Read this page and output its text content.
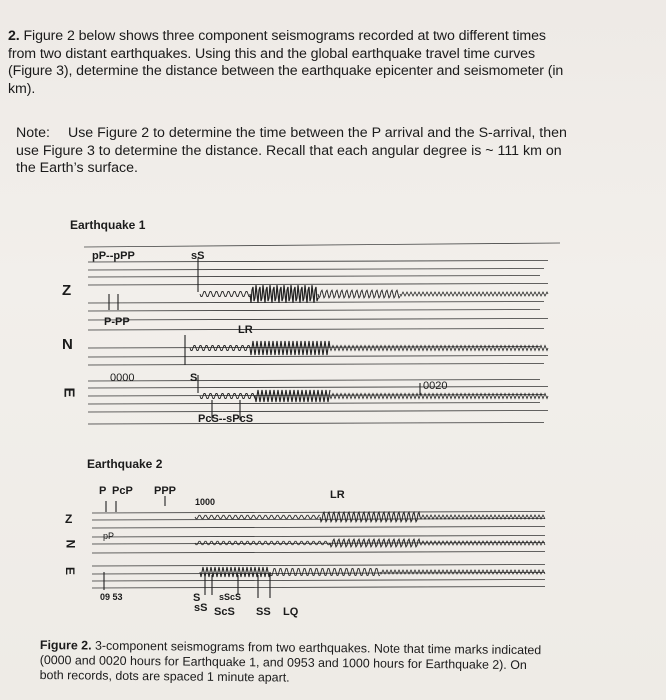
2. Figure 2 below shows three component seismograms recorded at two different times
from two distant earthquakes. Using this and the global earthquake travel time curves
(Figure 3), determine the distance between the earthquake epicenter and seismometer (in
km).
Note: Use Figure 2 to determine the time between the P arrival and the S-arrival, then
use Figure 3 to determine the distance. Recall that each angular degree is ~ 111 km on
the Earth’s surface.
Earthquake 1
Z
N
E
pP--pPP	sS
P-PP
LR
0000	S
0020
PcS--sPcS
Earthquake 2
P PcP PPP	LR
1000
Z
N
E
pP
09 53	S sScS
sS ScS SS LQ
Figure 2. 3-component seismograms from two earthquakes. Note that time marks indicated
(0000 and 0020 hours for Earthquake 1, and 0953 and 1000 hours for Earthquake 2). On
both records, dots are spaced 1 minute apart.
